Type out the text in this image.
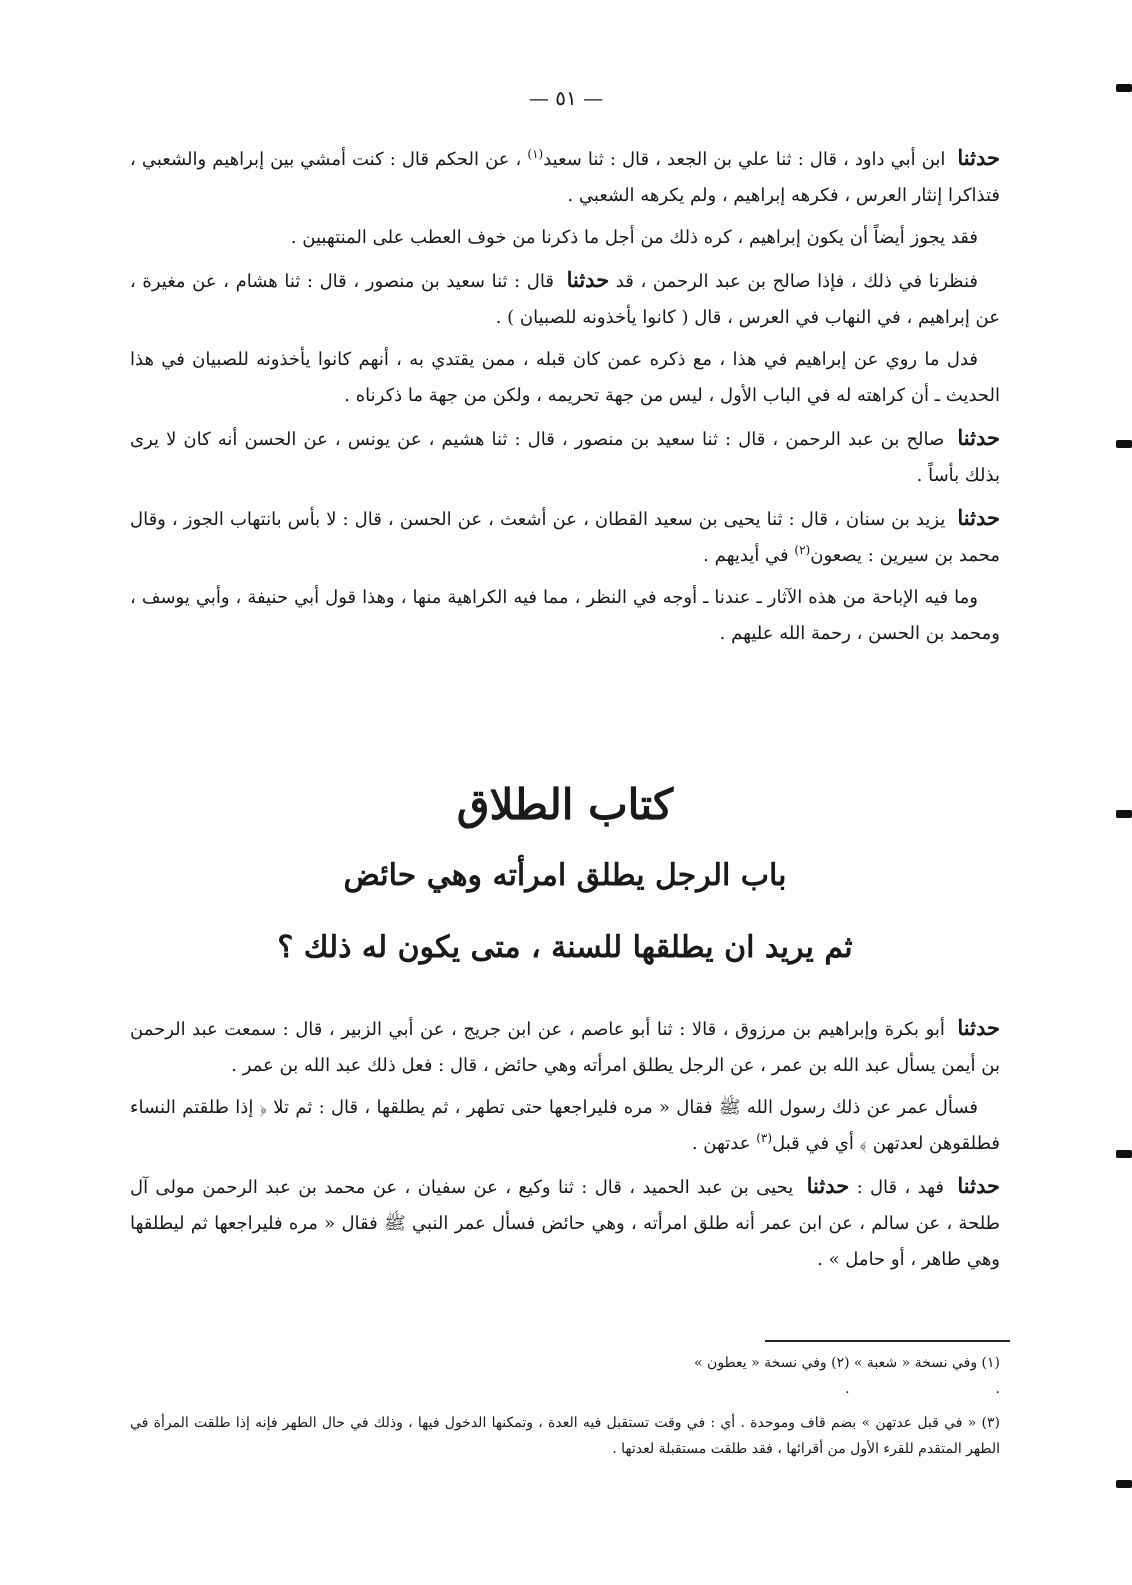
— ٥١ —

حدثنا ابن أبي داود ، قال : ثنا علي بن الجعد ، قال : ثنا سعيد$^{(١)}$ ، عن الحكم قال : كنت أمشي بين إبراهيم والشعبي ، فتذاكرا إنثار العرس ، فكرهه إبراهيم ، ولم يكرهه الشعبي .

فقد يجوز أيضاً أن يكون إبراهيم ، كره ذلك من أجل ما ذكرنا من خوف العطب على المنتهبين .

فنظرنا في ذلك ، فإذا صالح بن عبد الرحمن ، قد حدثنا قال : ثنا سعيد بن منصور ، قال : ثنا هشام ، عن مغيرة ، عن إبراهيم ، في النهاب في العرس ، قال ( كانوا يأخذونه للصبيان ) .

فدل ما روي عن إبراهيم في هذا ، مع ذكره عمن كان قبله ، ممن يقتدي به ، أنهم كانوا يأخذونه للصبيان في هذا الحديث ـ أن كراهته له في الباب الأول ، ليس من جهة تحريمه ، ولكن من جهة ما ذكرناه .

حدثنا صالح بن عبد الرحمن ، قال : ثنا سعيد بن منصور ، قال : ثنا هشيم ، عن يونس ، عن الحسن أنه كان لا يرى بذلك بأساً .

حدثنا يزيد بن سنان ، قال : ثنا يحيى بن سعيد القطان ، عن أشعث ، عن الحسن ، قال : لا بأس بانتهاب الجوز ، وقال محمد بن سيرين : يصعون$^{(٢)}$ في أيديهم .

وما فيه الإباحة من هذه الآثار ـ عندنا ـ أوجه في النظر ، مما فيه الكراهية منها ، وهذا قول أبي حنيفة ، وأبي يوسف ، ومحمد بن الحسن ، رحمة الله عليهم .

كتاب الطلاق
باب الرجل يطلق امرأته وهي حائض
ثم يريد ان يطلقها للسنة ، متى يكون له ذلك ؟

حدثنا أبو بكرة وإبراهيم بن مرزوق ، قالا : ثنا أبو عاصم ، عن ابن جريج ، عن أبي الزبير ، قال : سمعت عبد الرحمن بن أيمن يسأل عبد الله بن عمر ، عن الرجل يطلق امرأته وهي حائض ، قال : فعل ذلك عبد الله بن عمر .

فسأل عمر عن ذلك رسول الله ﷺ فقال « مره فليراجعها حتى تطهر ، ثم يطلقها ، قال : ثم تلا ﴿ إذا طلقتم النساء فطلقوهن لعدتهن ﴾ أي في قبل$^{(٣)}$ عدتهن .

حدثنا فهد ، قال : حدثنا يحيى بن عبد الحميد ، قال : ثنا وكيع ، عن سفيان ، عن محمد بن عبد الرحمن مولى آل طلحة ، عن سالم ، عن ابن عمر أنه طلق امرأته ، وهي حائض فسأل عمر النبي ﷺ فقال « مره فليراجعها ثم ليطلقها وهي طاهر ، أو حامل » .

(١) وفي نسخة « شعبة » .

(٢) وفي نسخة « يعطون » .

(٣) « في قبل عدتهن » بضم قاف وموحدة . أي : في وقت تستقبل فيه العدة ، وتمكنها الدخول فيها ، وذلك في حال الطهر فإنه إذا طلقت المرأة في الطهر المتقدم للقرء الأول من أقرائها ، فقد طلقت مستقبلة لعدتها .
